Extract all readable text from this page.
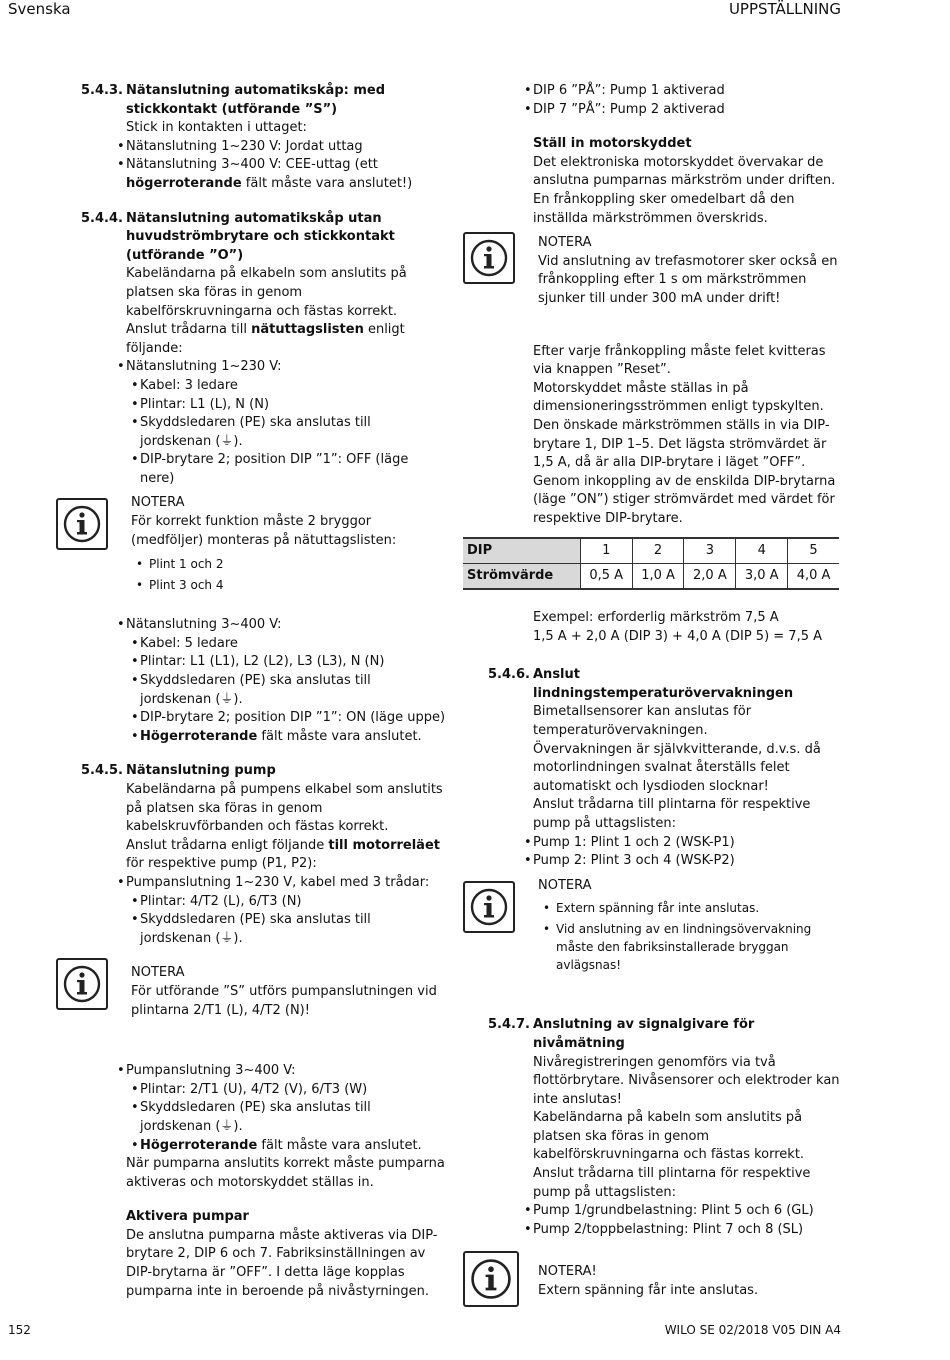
Svenska	UPPSTÄLLNING
152	WILO SE 02/2018 V05 DIN A4
5.4.3. Nätanslutning automatikskåp: med stickkontakt (utförande ”S”)

Stick in kontakten i uttaget:

• Nätanslutning 1~230 V: Jordat uttag
• Nätanslutning 3~400 V: CEE-uttag (ett högerroterande fält måste vara anslutet!)
5.4.4. Nätanslutning automatikskåp utan huvudströmbrytare och stickkontakt (utförande ”O”)

Kabeländarna på elkabeln som anslutits på platsen ska föras in genom kabelförskruvningarna och fästas korrekt.

Anslut trådarna till nätuttagslisten enligt följande:

• Nätanslutning 1~230 V:
• Kabel: 3 ledare
• Plintar: L1 (L), N (N)
• Skyddsledaren (PE) ska anslutas till jordskenan (⏚).
• DIP-brytare 2; position DIP ”1”: OFF (läge nere)

NOTERA

För korrekt funktion måste 2 bryggor (medföljer) monteras på nätuttagslisten:

• Plint 1 och 2
• Plint 3 och 4
• Nätanslutning 3~400 V:
• Kabel: 5 ledare
• Plintar: L1 (L1), L2 (L2), L3 (L3), N (N)
• Skyddsledaren (PE) ska anslutas till jordskenan (⏚).
• DIP-brytare 2; position DIP ”1”: ON (läge uppe)
• Högerroterande fält måste vara anslutet.
5.4.5. Nätanslutning pump

Kabeländarna på pumpens elkabel som anslutits på platsen ska föras in genom kabelskruvförbanden och fästas korrekt.

Anslut trådarna enligt följande till motorreläet för respektive pump (P1, P2):

• Pumpanslutning 1~230 V, kabel med 3 trådar:
• Plintar: 4/T2 (L), 6/T3 (N)
• Skyddsledaren (PE) ska anslutas till jordskenan (⏚).

NOTERA

För utförande ”S” utförs pumpanslutningen vid plintarna 2/T1 (L), 4/T2 (N)!

• Pumpanslutning 3~400 V:
• Plintar: 2/T1 (U), 4/T2 (V), 6/T3 (W)
• Skyddsledaren (PE) ska anslutas till jordskenan (⏚).
• Högerroterande fält måste vara anslutet.

När pumparna anslutits korrekt måste pumparna aktiveras och motorskyddet ställas in.

Aktivera pumpar

De anslutna pumparna måste aktiveras via DIP-brytare 2, DIP 6 och 7. Fabriksinställningen av DIP-brytarna är ”OFF”. I detta läge kopplas pumparna inte in beroende på nivåstyrningen.

• DIP 6 ”PÅ”: Pump 1 aktiverad
• DIP 7 ”PÅ”: Pump 2 aktiverad

Ställ in motorskyddet

Det elektroniska motorskyddet övervakar de anslutna pumparnas märkström under driften. En frånkoppling sker omedelbart då den inställda märkströmmen överskrids.

NOTERA

Vid anslutning av trefasmotorer sker också en frånkoppling efter 1 s om märkströmmen sjunker till under 300 mA under drift!

Efter varje frånkoppling måste felet kvitteras via knappen ”Reset”.

Motorskyddet måste ställas in på dimensioneringsströmmen enligt typskylten.

Den önskade märkströmmen ställs in via DIP-brytare 1, DIP 1–5. Det lägsta strömvärdet är 1,5 A, då är alla DIP-brytare i läget ”OFF”. Genom inkoppling av de enskilda DIP-brytarna (läge ”ON”) stiger strömvärdet med värdet för respektive DIP-brytare.

DIP	1	2	3	4	5
Strömvärde	0,5 A	1,0 A	2,0 A	3,0 A	4,0 A

Exempel: erforderlig märkström 7,5 A

1,5 A + 2,0 A (DIP 3) + 4,0 A (DIP 5) = 7,5 A

5.4.6. Anslut lindningstemperaturövervakningen

Bimetallsensorer kan anslutas för temperaturövervakningen.

Övervakningen är självkvitterande, d.v.s. då motorlindningen svalnat återställs felet automatiskt och lysdioden slocknar!

Anslut trådarna till plintarna för respektive pump på uttagslisten:

• Pump 1: Plint 1 och 2 (WSK-P1)
• Pump 2: Plint 3 och 4 (WSK-P2)

NOTERA

• Extern spänning får inte anslutas.
• Vid anslutning av en lindningsövervakning måste den fabriksinstallerade bryggan avlägsnas!
5.4.7. Anslutning av signalgivare för nivåmätning

Nivåregistreringen genomförs via två flottörbrytare. Nivåsensorer och elektroder kan inte anslutas!

Kabeländarna på kabeln som anslutits på platsen ska föras in genom kabelförskruvningarna och fästas korrekt.

Anslut trådarna till plintarna för respektive pump på uttagslisten:

• Pump 1/grundbelastning: Plint 5 och 6 (GL)
• Pump 2/toppbelastning: Plint 7 och 8 (SL)

NOTERA!

Extern spänning får inte anslutas.
